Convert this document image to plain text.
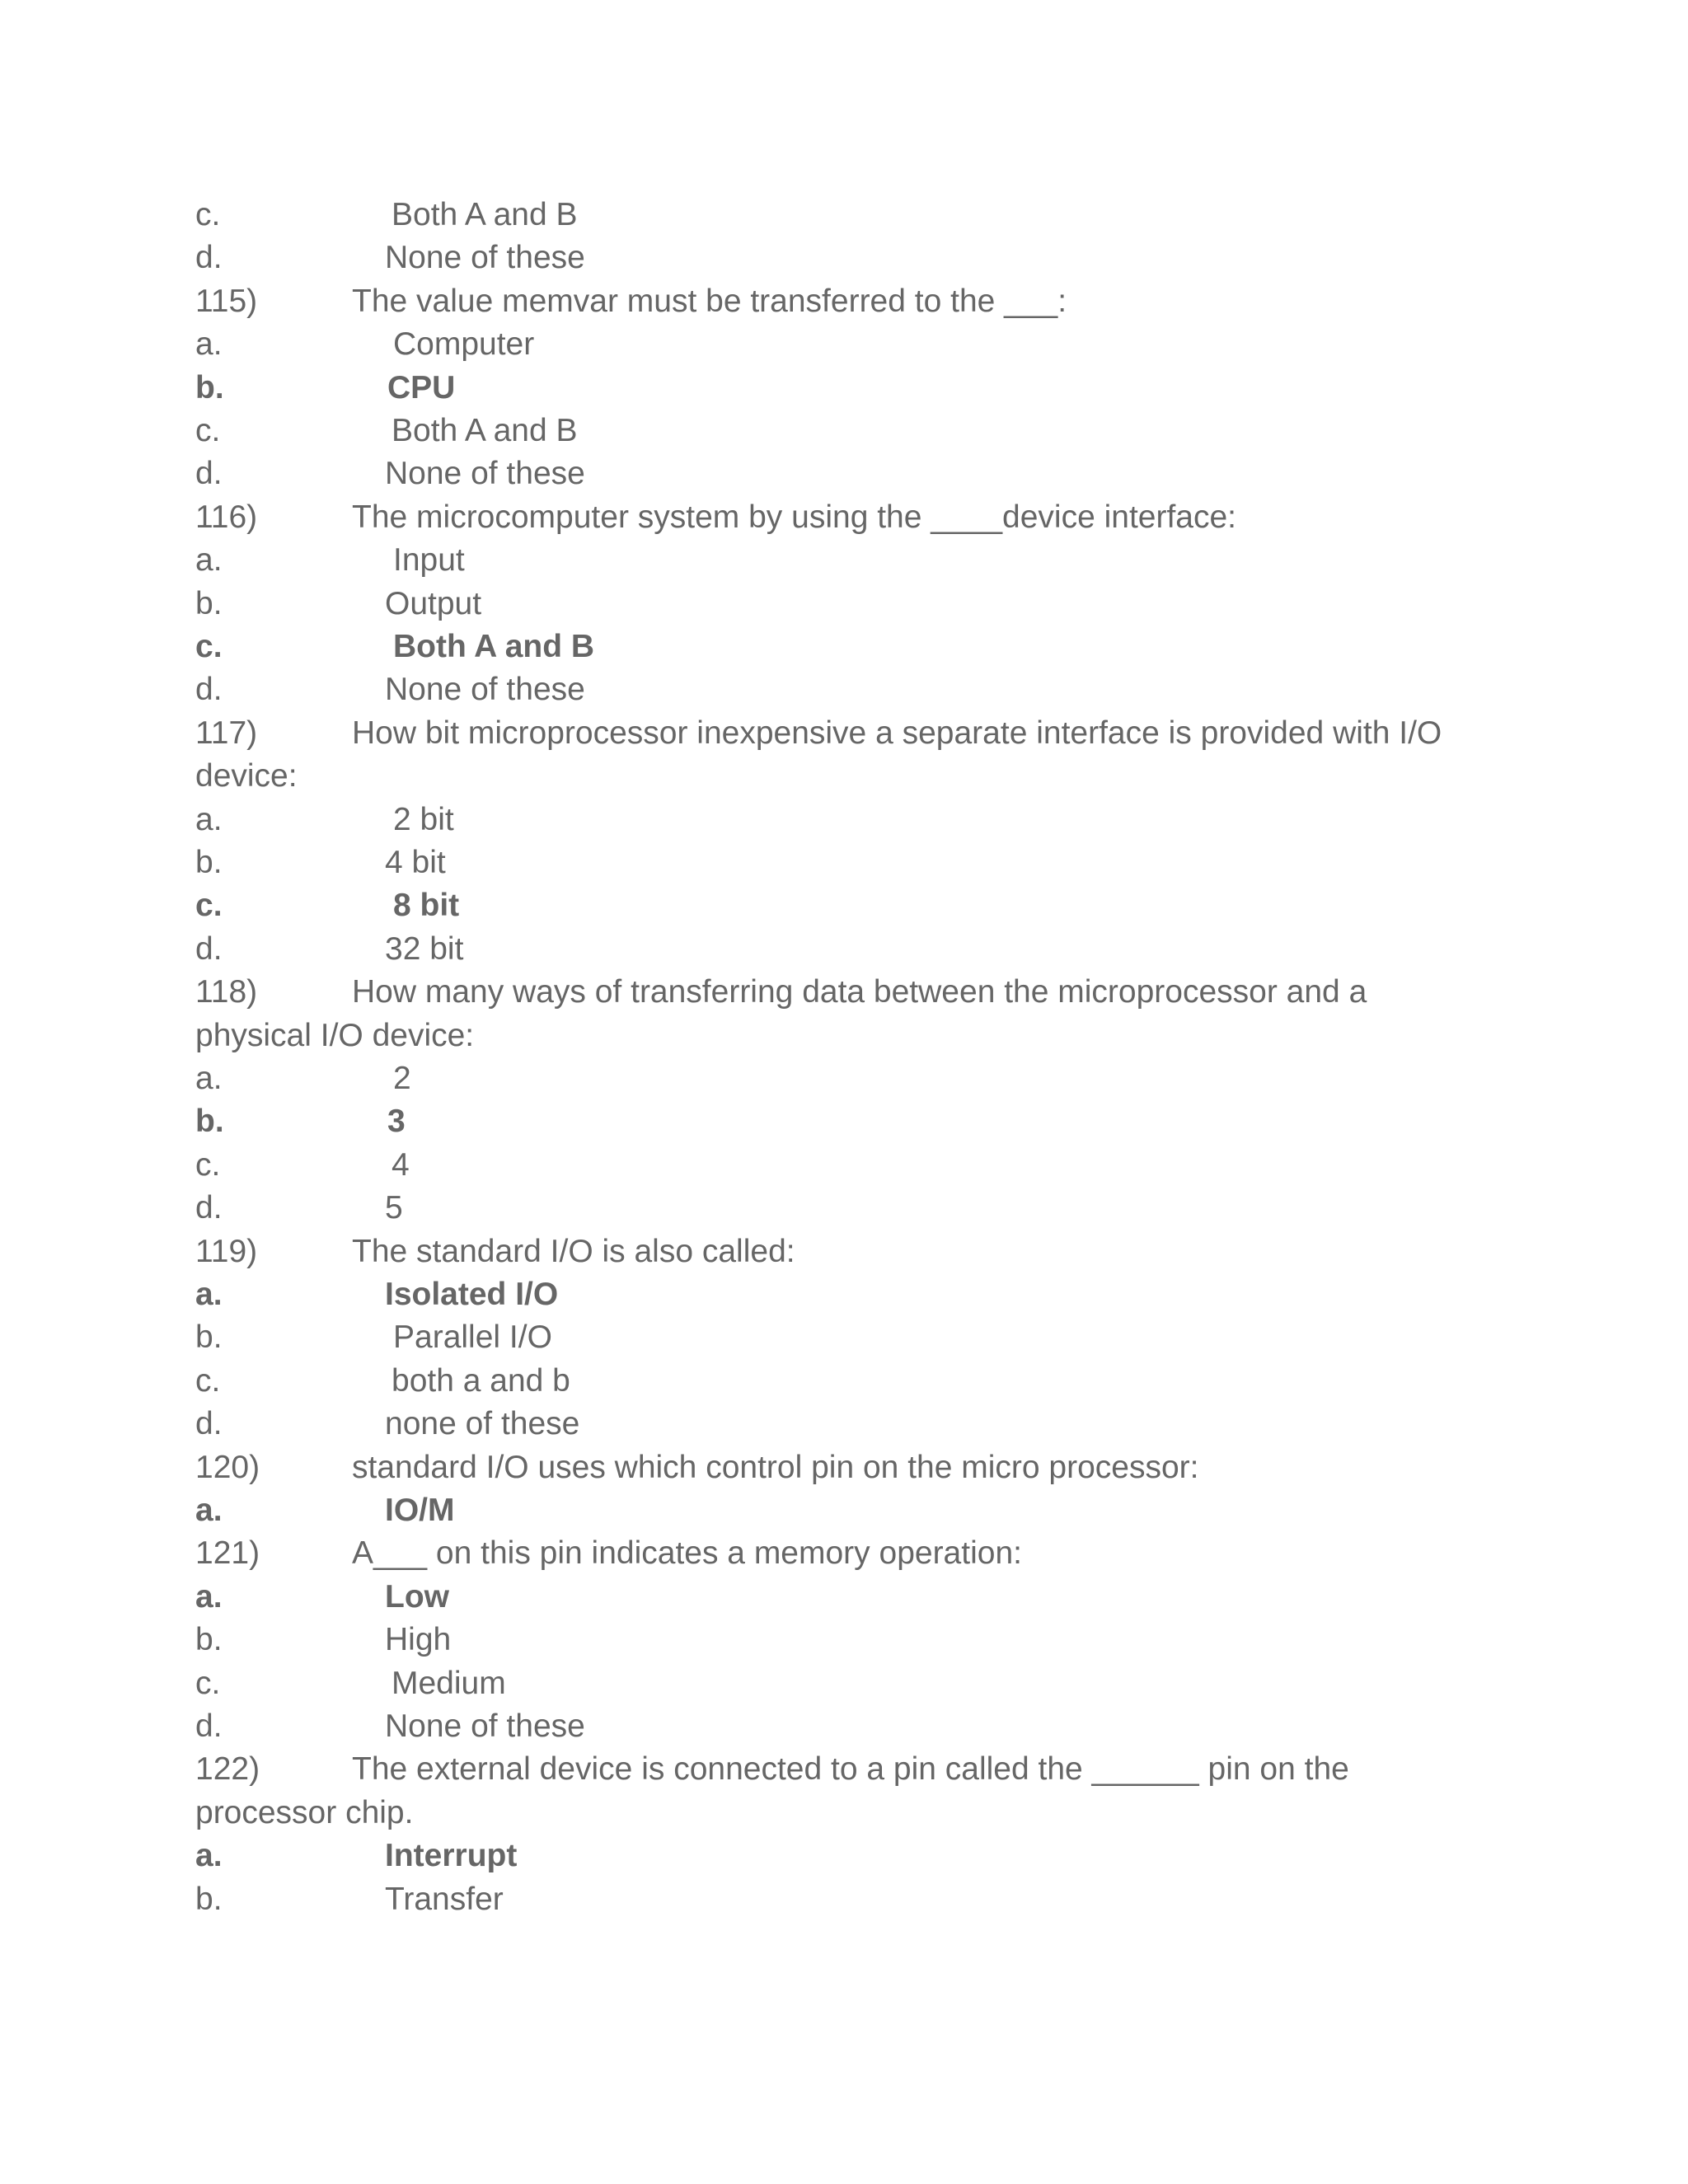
c.	Both A and B
d.	None of these
115)	The value memvar must be transferred to the ___:
a.	Computer
b.	CPU
c.	Both A and B
d.	None of these
116)	The microcomputer system by using the ____device interface:
a.	Input
b.	Output
c.	Both A and B
d.	None of these
117)	How bit microprocessor inexpensive a separate interface is provided with I/O
device:
a.	2 bit
b.	4 bit
c.	8 bit
d.	32 bit
118)	How many ways of transferring data between the microprocessor and a
physical I/O device:
a.	2
b.	3
c.	4
d.	5
119)	The standard I/O is also called:
a.	Isolated I/O
b.	Parallel I/O
c.	both a and b
d.	none of these
120)	standard I/O uses which control pin on the micro processor:
a.	IO/M
121)	A___ on this pin indicates a memory operation:
a.	Low
b.	High
c.	Medium
d.	None of these
122)	The external device is connected to a pin called the ______ pin on the
processor chip.
a.	Interrupt
b.	Transfer
